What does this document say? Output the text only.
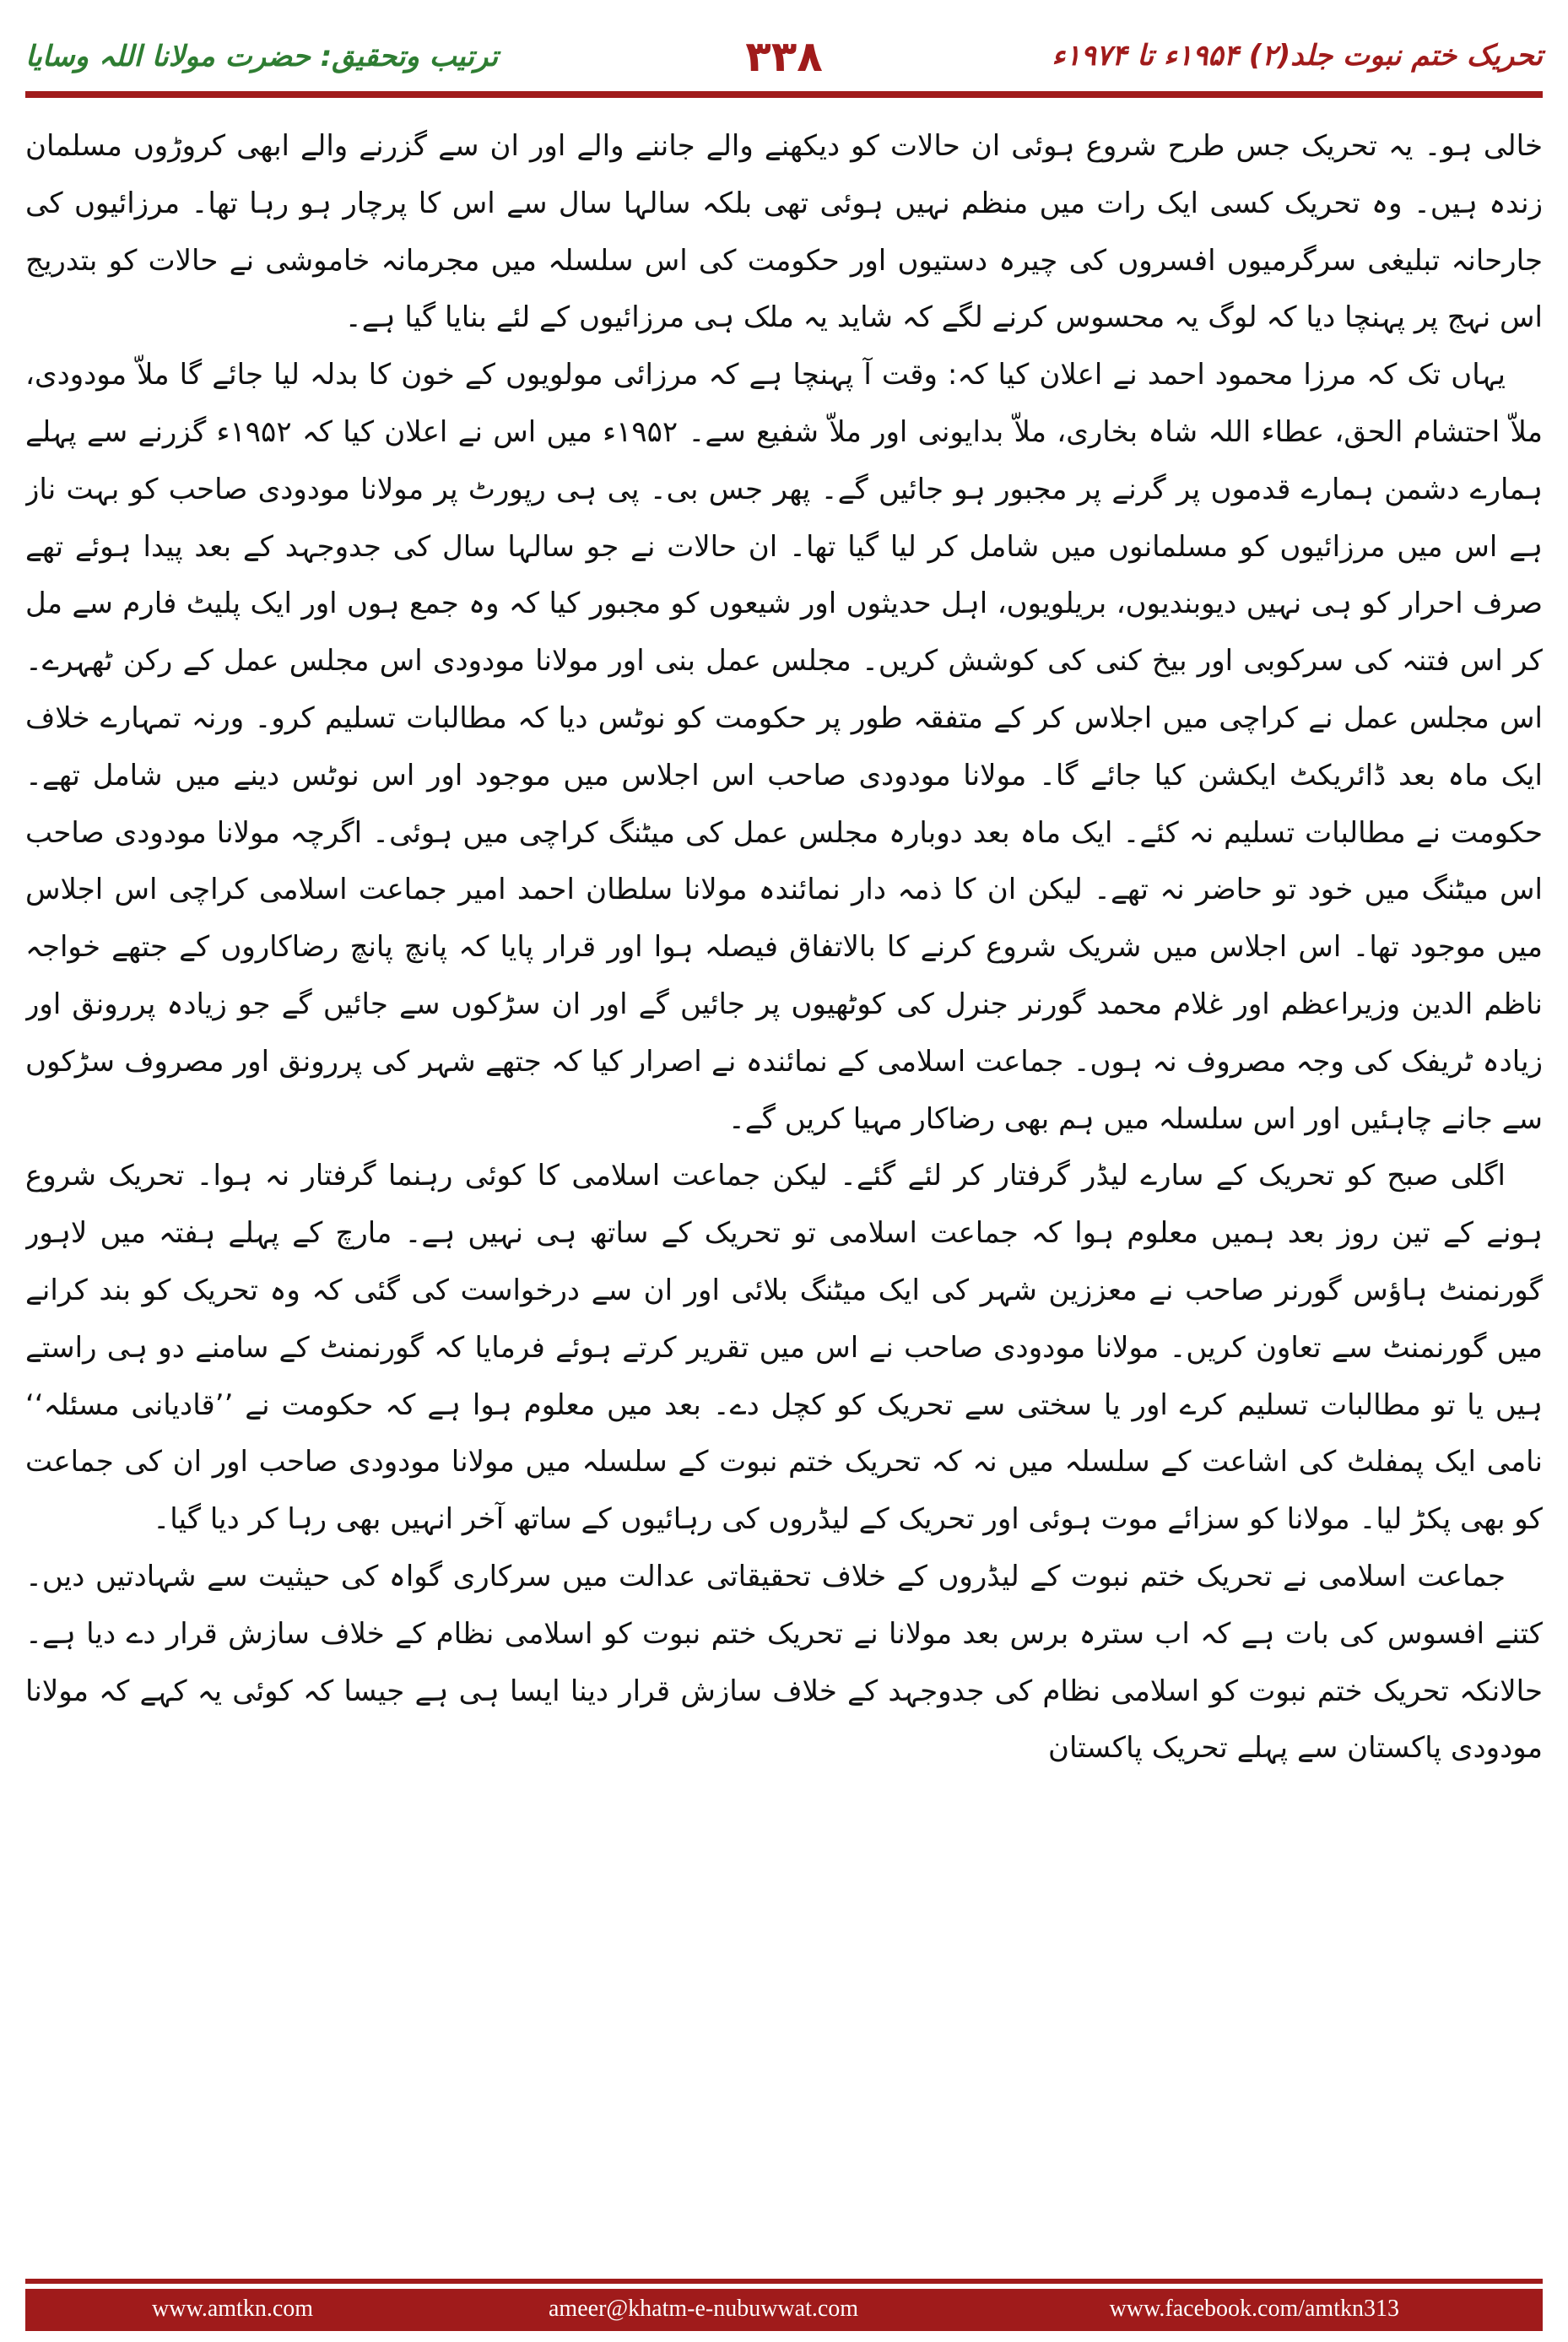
ترتیب وتحقیق: حضرت مولانا اللہ وسایا	۳۳۸	تحریک ختم نبوت جلد(۲) ۱۹۵۴ء تا ۱۹۷۴ء

خالی ہو۔ یہ تحریک جس طرح شروع ہوئی ان حالات کو دیکھنے والے جاننے والے اور ان سے گزرنے والے ابھی کروڑوں مسلمان زندہ ہیں۔ وہ تحریک کسی ایک رات میں منظم نہیں ہوئی تھی بلکہ سالہا سال سے اس کا پرچار ہو رہا تھا۔ مرزائیوں کی جارحانہ تبلیغی سرگرمیوں افسروں کی چیرہ دستیوں اور حکومت کی اس سلسلہ میں مجرمانہ خاموشی نے حالات کو بتدریج اس نہج پر پہنچا دیا کہ لوگ یہ محسوس کرنے لگے کہ شاید یہ ملک ہی مرزائیوں کے لئے بنایا گیا ہے۔

یہاں تک کہ مرزا محمود احمد نے اعلان کیا کہ: وقت آ پہنچا ہے کہ مرزائی مولویوں کے خون کا بدلہ لیا جائے گا ملاّ مودودی، ملاّ احتشام الحق، عطاء اللہ شاہ بخاری، ملاّ بدایونی اور ملاّ شفیع سے۔ ۱۹۵۲ء میں اس نے اعلان کیا کہ ۱۹۵۲ء گزرنے سے پہلے ہمارے دشمن ہمارے قدموں پر گرنے پر مجبور ہو جائیں گے۔ پھر جس بی۔ پی ہی رپورٹ پر مولانا مودودی صاحب کو بہت ناز ہے اس میں مرزائیوں کو مسلمانوں میں شامل کر لیا گیا تھا۔ ان حالات نے جو سالہا سال کی جدوجہد کے بعد پیدا ہوئے تھے صرف احرار کو ہی نہیں دیوبندیوں، بریلویوں، اہل حدیثوں اور شیعوں کو مجبور کیا کہ وہ جمع ہوں اور ایک پلیٹ فارم سے مل کر اس فتنہ کی سرکوبی اور بیخ کنی کی کوشش کریں۔ مجلس عمل بنی اور مولانا مودودی اس مجلس عمل کے رکن ٹھہرے۔ اس مجلس عمل نے کراچی میں اجلاس کر کے متفقہ طور پر حکومت کو نوٹس دیا کہ مطالبات تسلیم کرو۔ ورنہ تمہارے خلاف ایک ماہ بعد ڈائریکٹ ایکشن کیا جائے گا۔ مولانا مودودی صاحب اس اجلاس میں موجود اور اس نوٹس دینے میں شامل تھے۔ حکومت نے مطالبات تسلیم نہ کئے۔ ایک ماہ بعد دوبارہ مجلس عمل کی میٹنگ کراچی میں ہوئی۔ اگرچہ مولانا مودودی صاحب اس میٹنگ میں خود تو حاضر نہ تھے۔ لیکن ان کا ذمہ دار نمائندہ مولانا سلطان احمد امیر جماعت اسلامی کراچی اس اجلاس میں موجود تھا۔ اس اجلاس میں شریک شروع کرنے کا بالاتفاق فیصلہ ہوا اور قرار پایا کہ پانچ پانچ رضاکاروں کے جتھے خواجہ ناظم الدین وزیراعظم اور غلام محمد گورنر جنرل کی کوٹھیوں پر جائیں گے اور ان سڑکوں سے جائیں گے جو زیادہ پررونق اور زیادہ ٹریفک کی وجہ مصروف نہ ہوں۔ جماعت اسلامی کے نمائندہ نے اصرار کیا کہ جتھے شہر کی پررونق اور مصروف سڑکوں سے جانے چاہئیں اور اس سلسلہ میں ہم بھی رضاکار مہیا کریں گے۔

اگلی صبح کو تحریک کے سارے لیڈر گرفتار کر لئے گئے۔ لیکن جماعت اسلامی کا کوئی رہنما گرفتار نہ ہوا۔ تحریک شروع ہونے کے تین روز بعد ہمیں معلوم ہوا کہ جماعت اسلامی تو تحریک کے ساتھ ہی نہیں ہے۔ مارچ کے پہلے ہفتہ میں لاہور گورنمنٹ ہاؤس گورنر صاحب نے معززین شہر کی ایک میٹنگ بلائی اور ان سے درخواست کی گئی کہ وہ تحریک کو بند کرانے میں گورنمنٹ سے تعاون کریں۔ مولانا مودودی صاحب نے اس میں تقریر کرتے ہوئے فرمایا کہ گورنمنٹ کے سامنے دو ہی راستے ہیں یا تو مطالبات تسلیم کرے اور یا سختی سے تحریک کو کچل دے۔ بعد میں معلوم ہوا ہے کہ حکومت نے ’’قادیانی مسئلہ‘‘ نامی ایک پمفلٹ کی اشاعت کے سلسلہ میں نہ کہ تحریک ختم نبوت کے سلسلہ میں مولانا مودودی صاحب اور ان کی جماعت کو بھی پکڑ لیا۔ مولانا کو سزائے موت ہوئی اور تحریک کے لیڈروں کی رہائیوں کے ساتھ آخر انہیں بھی رہا کر دیا گیا۔

جماعت اسلامی نے تحریک ختم نبوت کے لیڈروں کے خلاف تحقیقاتی عدالت میں سرکاری گواہ کی حیثیت سے شہادتیں دیں۔ کتنے افسوس کی بات ہے کہ اب سترہ برس بعد مولانا نے تحریک ختم نبوت کو اسلامی نظام کے خلاف سازش قرار دے دیا ہے۔ حالانکہ تحریک ختم نبوت کو اسلامی نظام کی جدوجہد کے خلاف سازش قرار دینا ایسا ہی ہے جیسا کہ کوئی یہ کہے کہ مولانا مودودی پاکستان سے پہلے تحریک پاکستان

www.amtkn.com	ameer@khatm-e-nubuwwat.com	www.facebook.com/amtkn313
